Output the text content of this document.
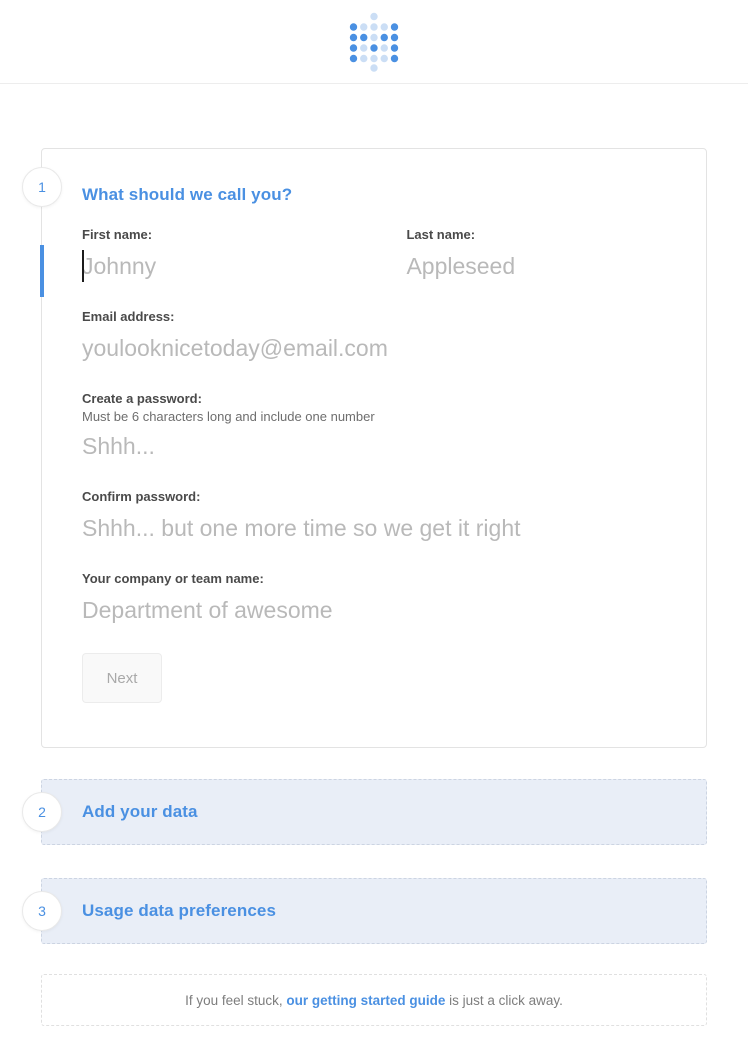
1 What should we call you?
First name:
Johnny	Last name:
Appleseed
Email address:
youlooknicetoday@email.com
Create a password:
Must be 6 characters long and include one number
Shhh...
Confirm password:
Shhh... but one more time so we get it right
Your company or team name:
Department of awesome
Next
2 Add your data
3 Usage data preferences
If you feel stuck, our getting started guide is just a click away.
